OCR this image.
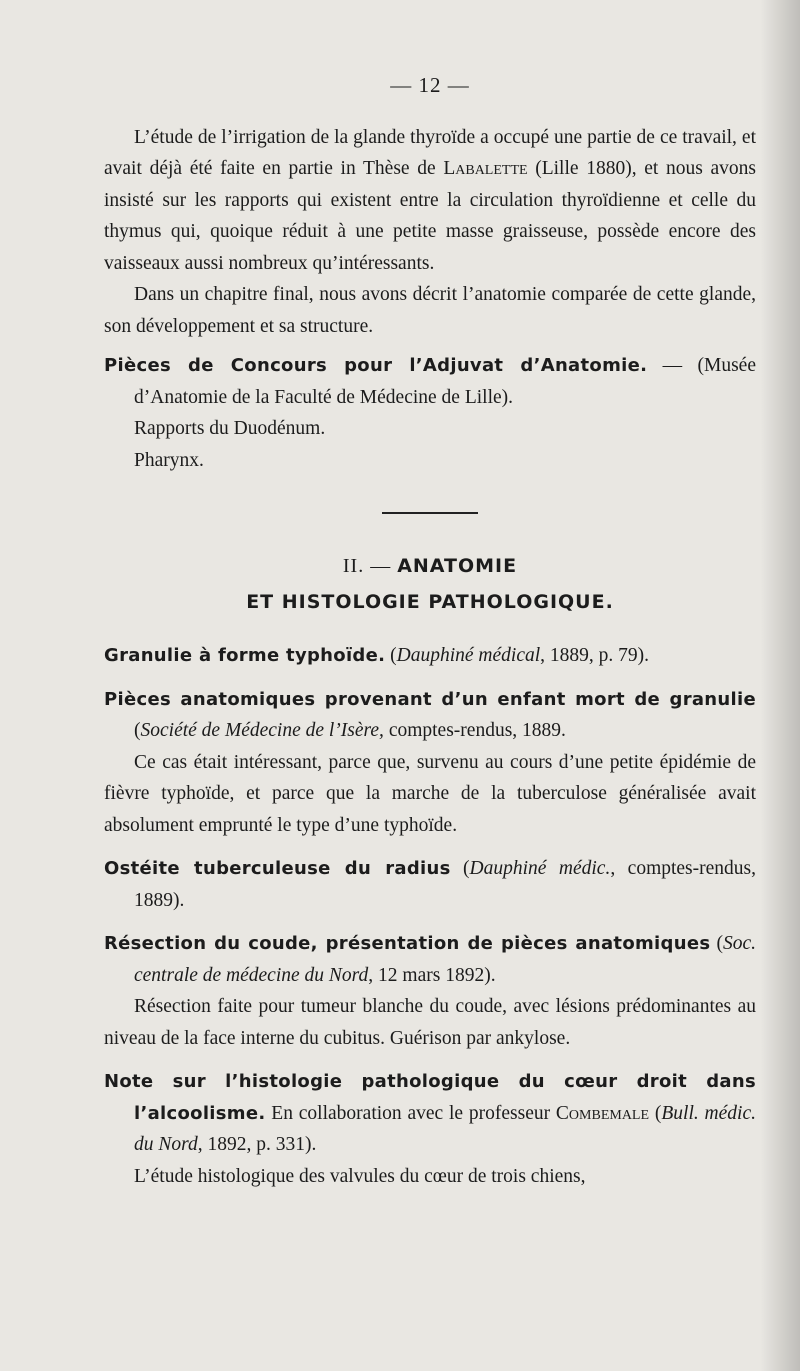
— 12 —

L’étude de l’irrigation de la glande thyroïde a occupé une partie de ce travail, et avait déjà été faite en partie in Thèse de Labalette (Lille 1880), et nous avons insisté sur les rapports qui existent entre la circulation thyroïdienne et celle du thymus qui, quoique réduit à une petite masse graisseuse, possède encore des vaisseaux aussi nombreux qu’intéressants.

Dans un chapitre final, nous avons décrit l’anatomie comparée de cette glande, son développement et sa structure.

Pièces de Concours pour l’Adjuvat d’Anatomie. — (Musée d’Anatomie de la Faculté de Médecine de Lille).

Rapports du Duodénum.

Pharynx.

II. — ANATOMIE
ET HISTOLOGIE PATHOLOGIQUE.

Granulie à forme typhoïde. (Dauphiné médical, 1889, p. 79).

Pièces anatomiques provenant d’un enfant mort de granulie (Société de Médecine de l’Isère, comptes-rendus, 1889.

Ce cas était intéressant, parce que, survenu au cours d’une petite épidémie de fièvre typhoïde, et parce que la marche de la tuberculose généralisée avait absolument emprunté le type d’une typhoïde.

Ostéite tuberculeuse du radius (Dauphiné médic., comptes-rendus, 1889).

Résection du coude, présentation de pièces anatomiques (Soc. centrale de médecine du Nord, 12 mars 1892).

Résection faite pour tumeur blanche du coude, avec lésions prédominantes au niveau de la face interne du cubitus. Guérison par ankylose.

Note sur l’histologie pathologique du cœur droit dans l’alcoolisme. En collaboration avec le professeur Combemale (Bull. médic. du Nord, 1892, p. 331).

L’étude histologique des valvules du cœur de trois chiens,
